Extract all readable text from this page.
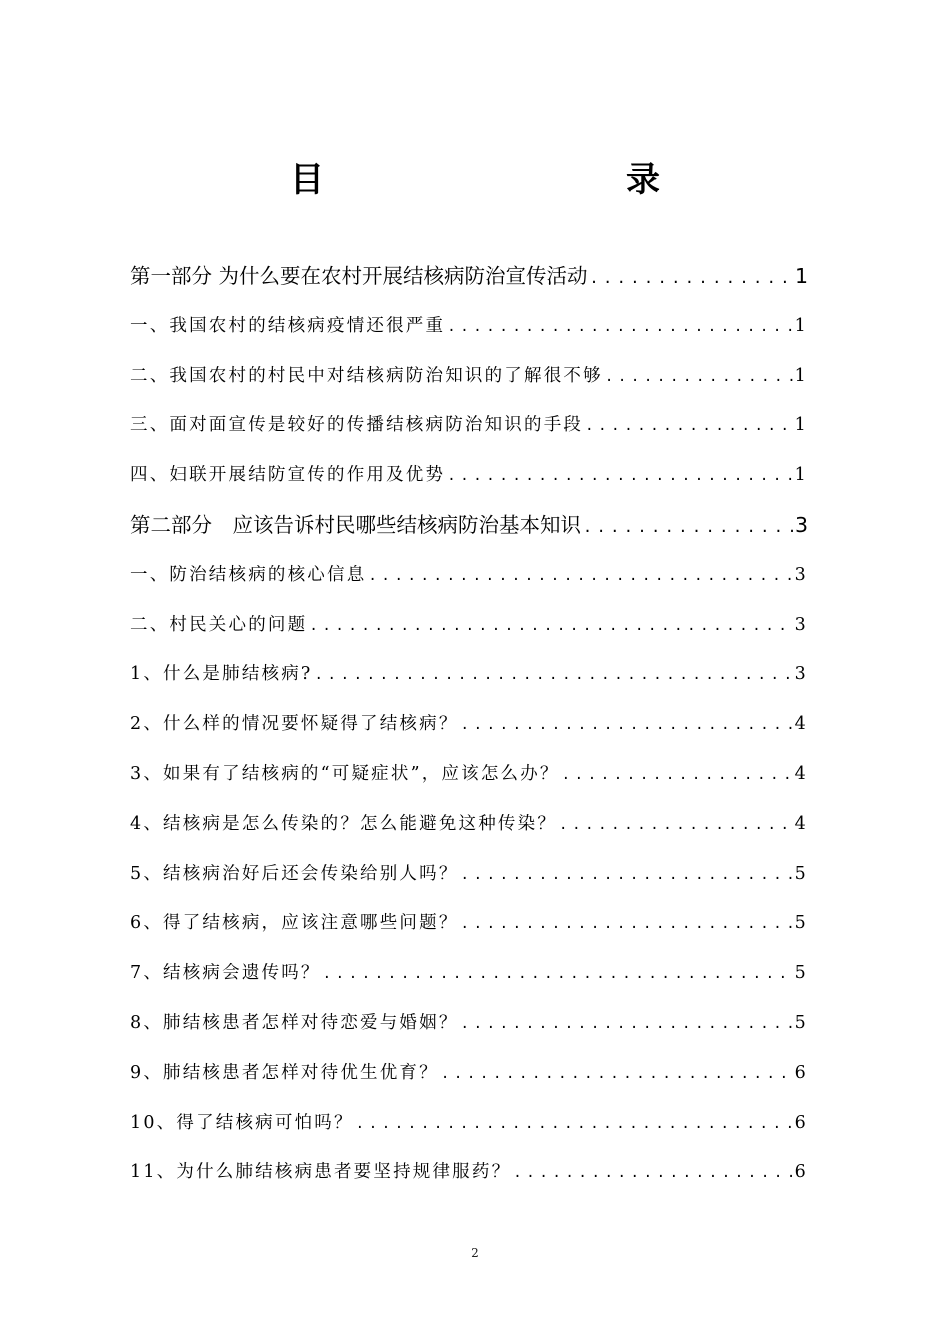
目　　录
第一部分 为什么要在农村开展结核病防治宣传活动 .....	1
一、我国农村的结核病疫情还很严重 .....	1
二、我国农村的村民中对结核病防治知识的了解很不够 .....	1
三、面对面宣传是较好的传播结核病防治知识的手段 .....	1
四、妇联开展结防宣传的作用及优势 .....	1
第二部分　应该告诉村民哪些结核病防治基本知识 .....	3
一、防治结核病的核心信息 .....	3
二、村民关心的问题 .....	3
1、什么是肺结核病? .....	3
2、什么样的情况要怀疑得了结核病？ .....	4
3、如果有了结核病的“可疑症状”，应该怎么办？ .....	4
4、结核病是怎么传染的？怎么能避免这种传染？ .....	4
5、结核病治好后还会传染给别人吗？ .....	5
6、得了结核病，应该注意哪些问题？ .....	5
7、结核病会遗传吗？ .....	5
8、肺结核患者怎样对待恋爱与婚姻？ .....	5
9、肺结核患者怎样对待优生优育？ .....	6
10、得了结核病可怕吗？ .....	6
11、为什么肺结核病患者要坚持规律服药？ .....	6
2
